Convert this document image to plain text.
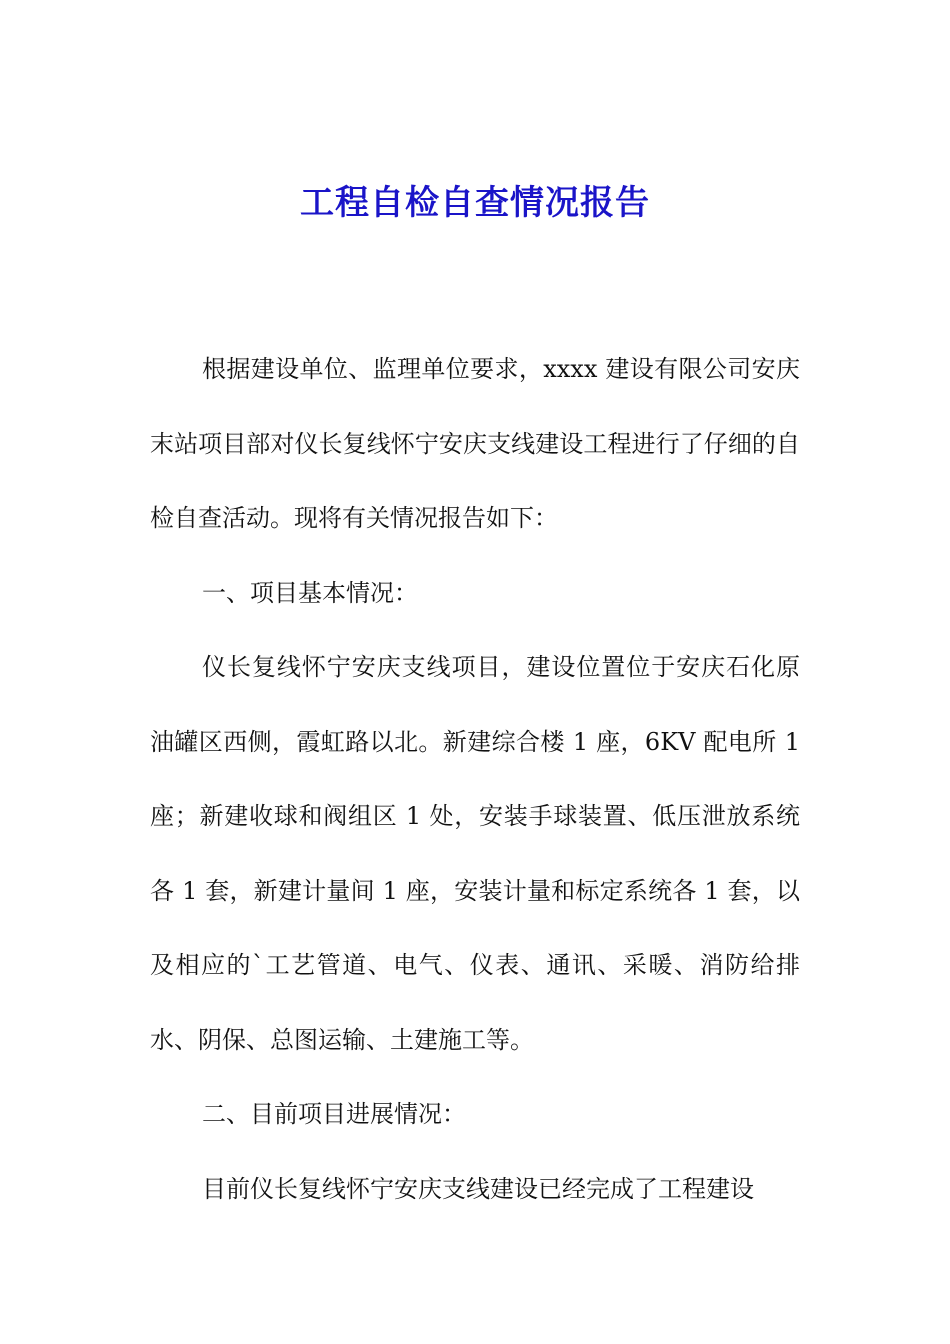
工程自检自查情况报告

根据建设单位、监理单位要求，xxxx 建设有限公司安庆末站项目部对仪长复线怀宁安庆支线建设工程进行了仔细的自检自查活动。现将有关情况报告如下：

一、项目基本情况：

仪长复线怀宁安庆支线项目，建设位置位于安庆石化原油罐区西侧，霞虹路以北。新建综合楼 1 座，6KV 配电所 1 座；新建收球和阀组区 1 处，安装手球装置、低压泄放系统各 1 套，新建计量间 1 座，安装计量和标定系统各 1 套，以及相应的`工艺管道、电气、仪表、通讯、采暖、消防给排水、阴保、总图运输、土建施工等。

二、目前项目进展情况：

目前仪长复线怀宁安庆支线建设已经完成了工程建设
